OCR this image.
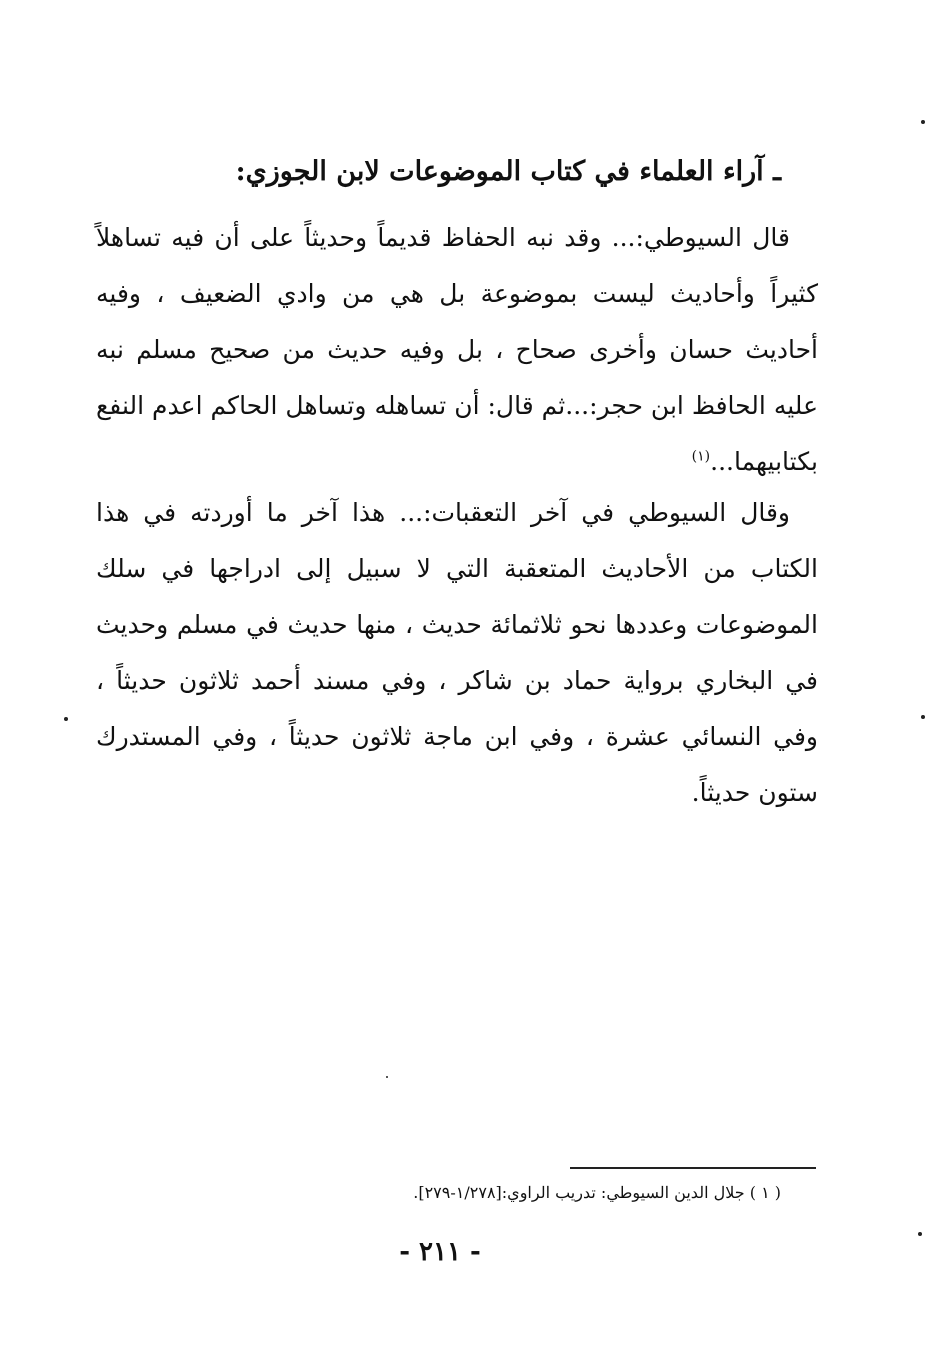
ـ آراء العلماء في كتاب الموضوعات لابن الجوزي:

قال السيوطي:... وقد نبه الحفاظ قديماً وحديثاً على أن فيه تساهلاً كثيراً وأحاديث ليست بموضوعة بل هي من وادي الضعيف ، وفيه أحاديث حسان وأخرى صحاح ، بل وفيه حديث من صحيح مسلم نبه عليه الحافظ ابن حجر:...ثم قال: أن تساهله وتساهل الحاكم اعدم النفع بكتابيهما...$^{(١)}$

وقال السيوطي في آخر التعقبات:... هذا آخر ما أوردته في هذا الكتاب من الأحاديث المتعقبة التي لا سبيل إلى ادراجها في سلك الموضوعات وعددها نحو ثلاثمائة حديث ، منها حديث في مسلم وحديث في البخاري برواية حماد بن شاكر ، وفي مسند أحمد ثلاثون حديثاً ، وفي النسائي عشرة ، وفي ابن ماجة ثلاثون حديثاً ، وفي المستدرك ستون حديثاً.

( ١ ) جلال الدين السيوطي: تدريب الراوي:[١/٢٧٨-٢٧٩].
- ٢١١ -
